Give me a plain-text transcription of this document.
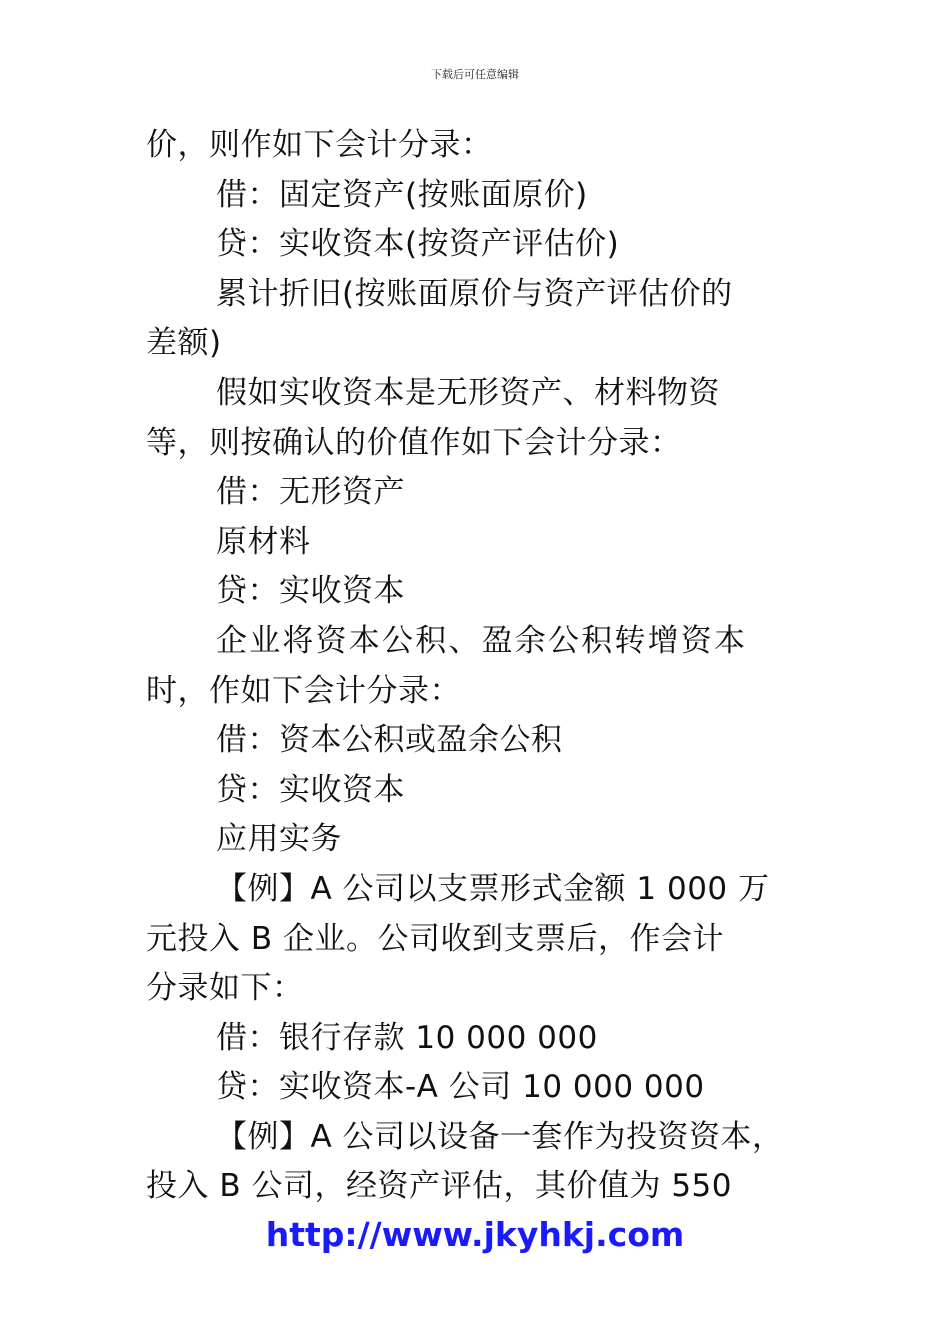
下载后可任意编辑
价，则作如下会计分录：
借：固定资产(按账面原价)
贷：实收资本(按资产评估价)
累计折旧(按账面原价与资产评估价的
差额)
假如实收资本是无形资产、材料物资
等，则按确认的价值作如下会计分录：
借：无形资产
原材料
贷：实收资本
企业将资本公积、盈余公积转增资本
时，作如下会计分录：
借：资本公积或盈余公积
贷：实收资本
应用实务
【例】A 公司以支票形式金额 1 000 万
元投入 B 企业。公司收到支票后，作会计
分录如下：
借：银行存款 10 000 000
贷：实收资本-A 公司 10 000 000
【例】A 公司以设备一套作为投资资本，
投入 B 公司，经资产评估，其价值为 550
http://www.jkyhkj.com
